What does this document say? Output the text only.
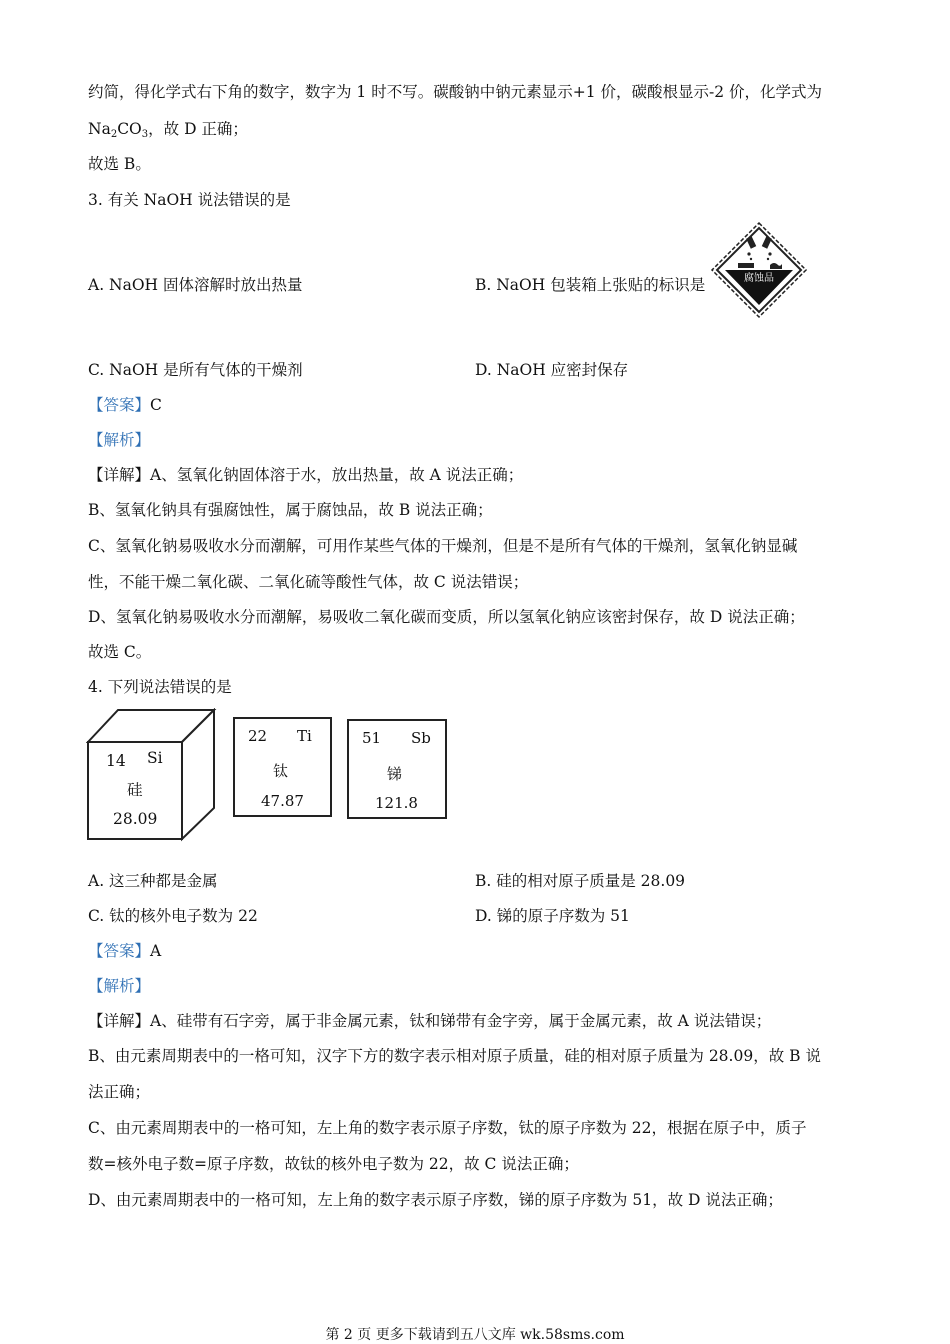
约简，得化学式右下角的数字，数字为 1 时不写。碳酸钠中钠元素显示+1 价，碳酸根显示-2 价，化学式为
$Na_2CO_3$，故 D 正确；
故选 B。
3. 有关 NaOH 说法错误的是
A. NaOH 固体溶解时放出热量	B. NaOH 包装箱上张贴的标识是	腐蚀品
C. NaOH 是所有气体的干燥剂	D. NaOH 应密封保存
【答案】C
【解析】
【详解】A、氢氧化钠固体溶于水，放出热量，故 A 说法正确；
B、氢氧化钠具有强腐蚀性，属于腐蚀品，故 B 说法正确；
C、氢氧化钠易吸收水分而潮解，可用作某些气体的干燥剂，但是不是所有气体的干燥剂，氢氧化钠显碱
性，不能干燥二氧化碳、二氧化硫等酸性气体，故 C 说法错误；
D、氢氧化钠易吸收水分而潮解，易吸收二氧化碳而变质，所以氢氧化钠应该密封保存，故 D 说法正确；
故选 C。
4. 下列说法错误的是
14 Si
硅
28.09
22 Ti
钛
47.87
51 Sb
锑
121.8
A. 这三种都是金属	B. 硅的相对原子质量是 28.09
C. 钛的核外电子数为 22	D. 锑的原子序数为 51
【答案】A
【解析】
【详解】A、硅带有石字旁，属于非金属元素，钛和锑带有金字旁，属于金属元素，故 A 说法错误；
B、由元素周期表中的一格可知，汉字下方的数字表示相对原子质量，硅的相对原子质量为 28.09，故 B 说
法正确；
C、由元素周期表中的一格可知，左上角的数字表示原子序数，钛的原子序数为 22，根据在原子中，质子
数=核外电子数=原子序数，故钛的核外电子数为 22，故 C 说法正确；
D、由元素周期表中的一格可知，左上角的数字表示原子序数，锑的原子序数为 51，故 D 说法正确；
第 2 页 更多下载请到五八文库 wk.58sms.com
